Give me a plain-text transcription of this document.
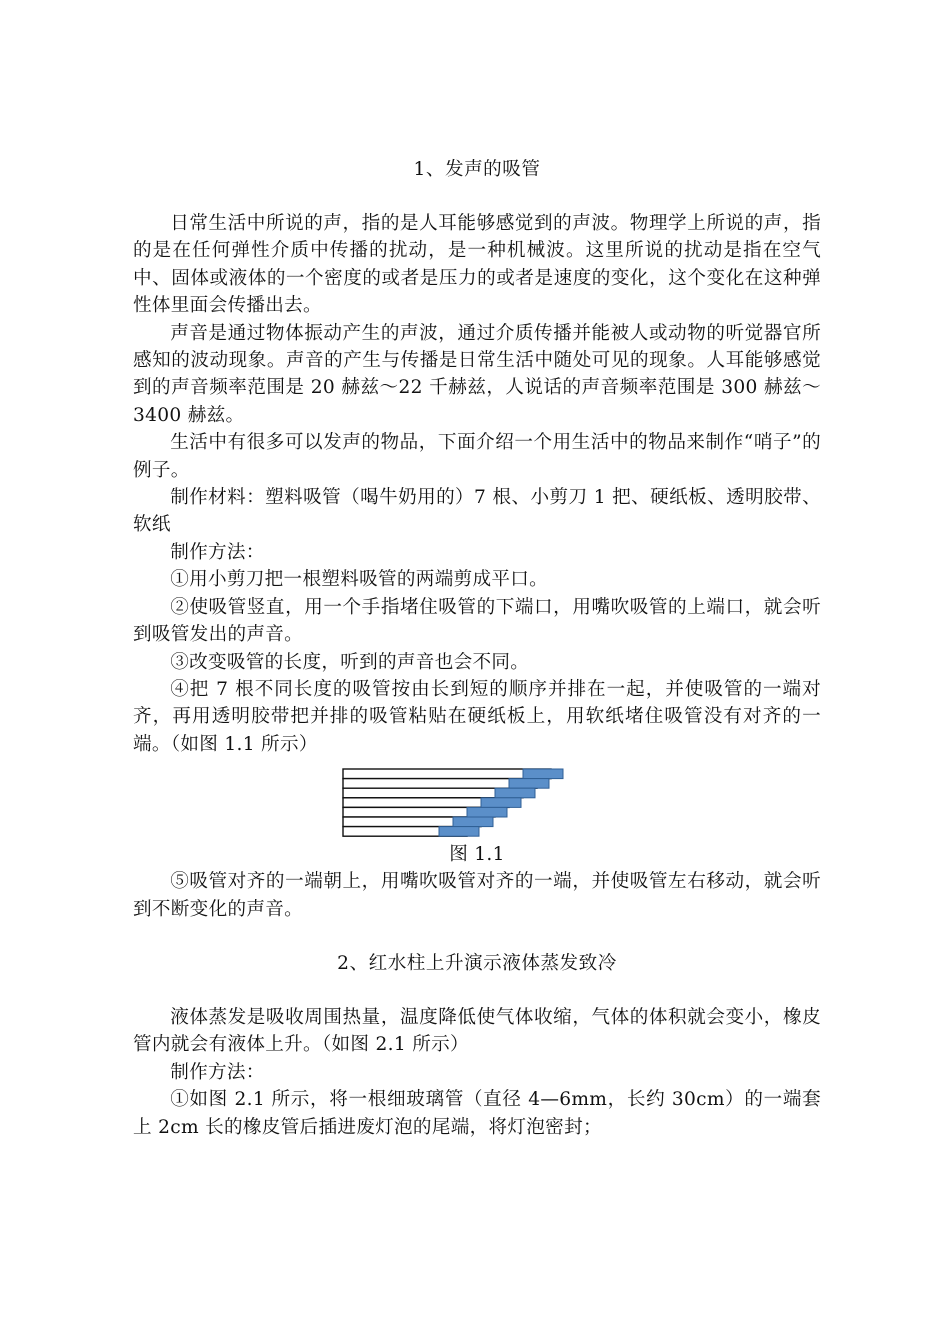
1、发声的吸管

日常生活中所说的声，指的是人耳能够感觉到的声波。物理学上所说的声，指的是在任何弹性介质中传播的扰动，是一种机械波。这里所说的扰动是指在空气中、固体或液体的一个密度的或者是压力的或者是速度的变化，这个变化在这种弹性体里面会传播出去。

声音是通过物体振动产生的声波，通过介质传播并能被人或动物的听觉器官所感知的波动现象。声音的产生与传播是日常生活中随处可见的现象。人耳能够感觉到的声音频率范围是 20 赫兹～22 千赫兹，人说话的声音频率范围是 300 赫兹～3400 赫兹。

生活中有很多可以发声的物品，下面介绍一个用生活中的物品来制作“哨子”的例子。

制作材料：塑料吸管（喝牛奶用的）7 根、小剪刀 1 把、硬纸板、透明胶带、软纸

制作方法：

①用小剪刀把一根塑料吸管的两端剪成平口。

②使吸管竖直，用一个手指堵住吸管的下端口，用嘴吹吸管的上端口，就会听到吸管发出的声音。

③改变吸管的长度，听到的声音也会不同。

④把 7 根不同长度的吸管按由长到短的顺序并排在一起，并使吸管的一端对齐，再用透明胶带把并排的吸管粘贴在硬纸板上，用软纸堵住吸管没有对齐的一端。（如图 1.1 所示）

图 1.1

⑤吸管对齐的一端朝上，用嘴吹吸管对齐的一端，并使吸管左右移动，就会听到不断变化的声音。

2、红水柱上升演示液体蒸发致冷

液体蒸发是吸收周围热量，温度降低使气体收缩，气体的体积就会变小，橡皮管内就会有液体上升。（如图 2.1 所示）

制作方法：

①如图 2.1 所示，将一根细玻璃管（直径 4—6mm，长约 30cm）的一端套上 2cm 长的橡皮管后插进废灯泡的尾端，将灯泡密封；
